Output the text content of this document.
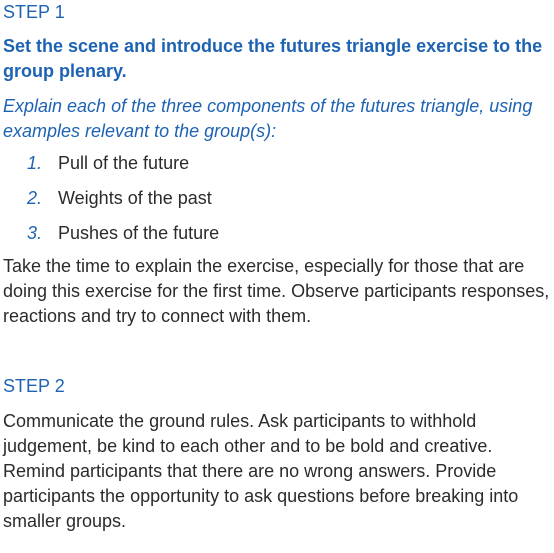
STEP 1

Set the scene and introduce the futures triangle exercise to the group plenary.

Explain each of the three components of the futures triangle, using examples relevant to the group(s):

1. Pull of the future
2. Weights of the past
3. Pushes of the future

Take the time to explain the exercise, especially for those that are doing this exercise for the first time. Observe participants responses, reactions and try to connect with them.

STEP 2

Communicate the ground rules. Ask participants to withhold judgement, be kind to each other and to be bold and creative. Remind participants that there are no wrong answers. Provide participants the opportunity to ask questions before breaking into smaller groups.
